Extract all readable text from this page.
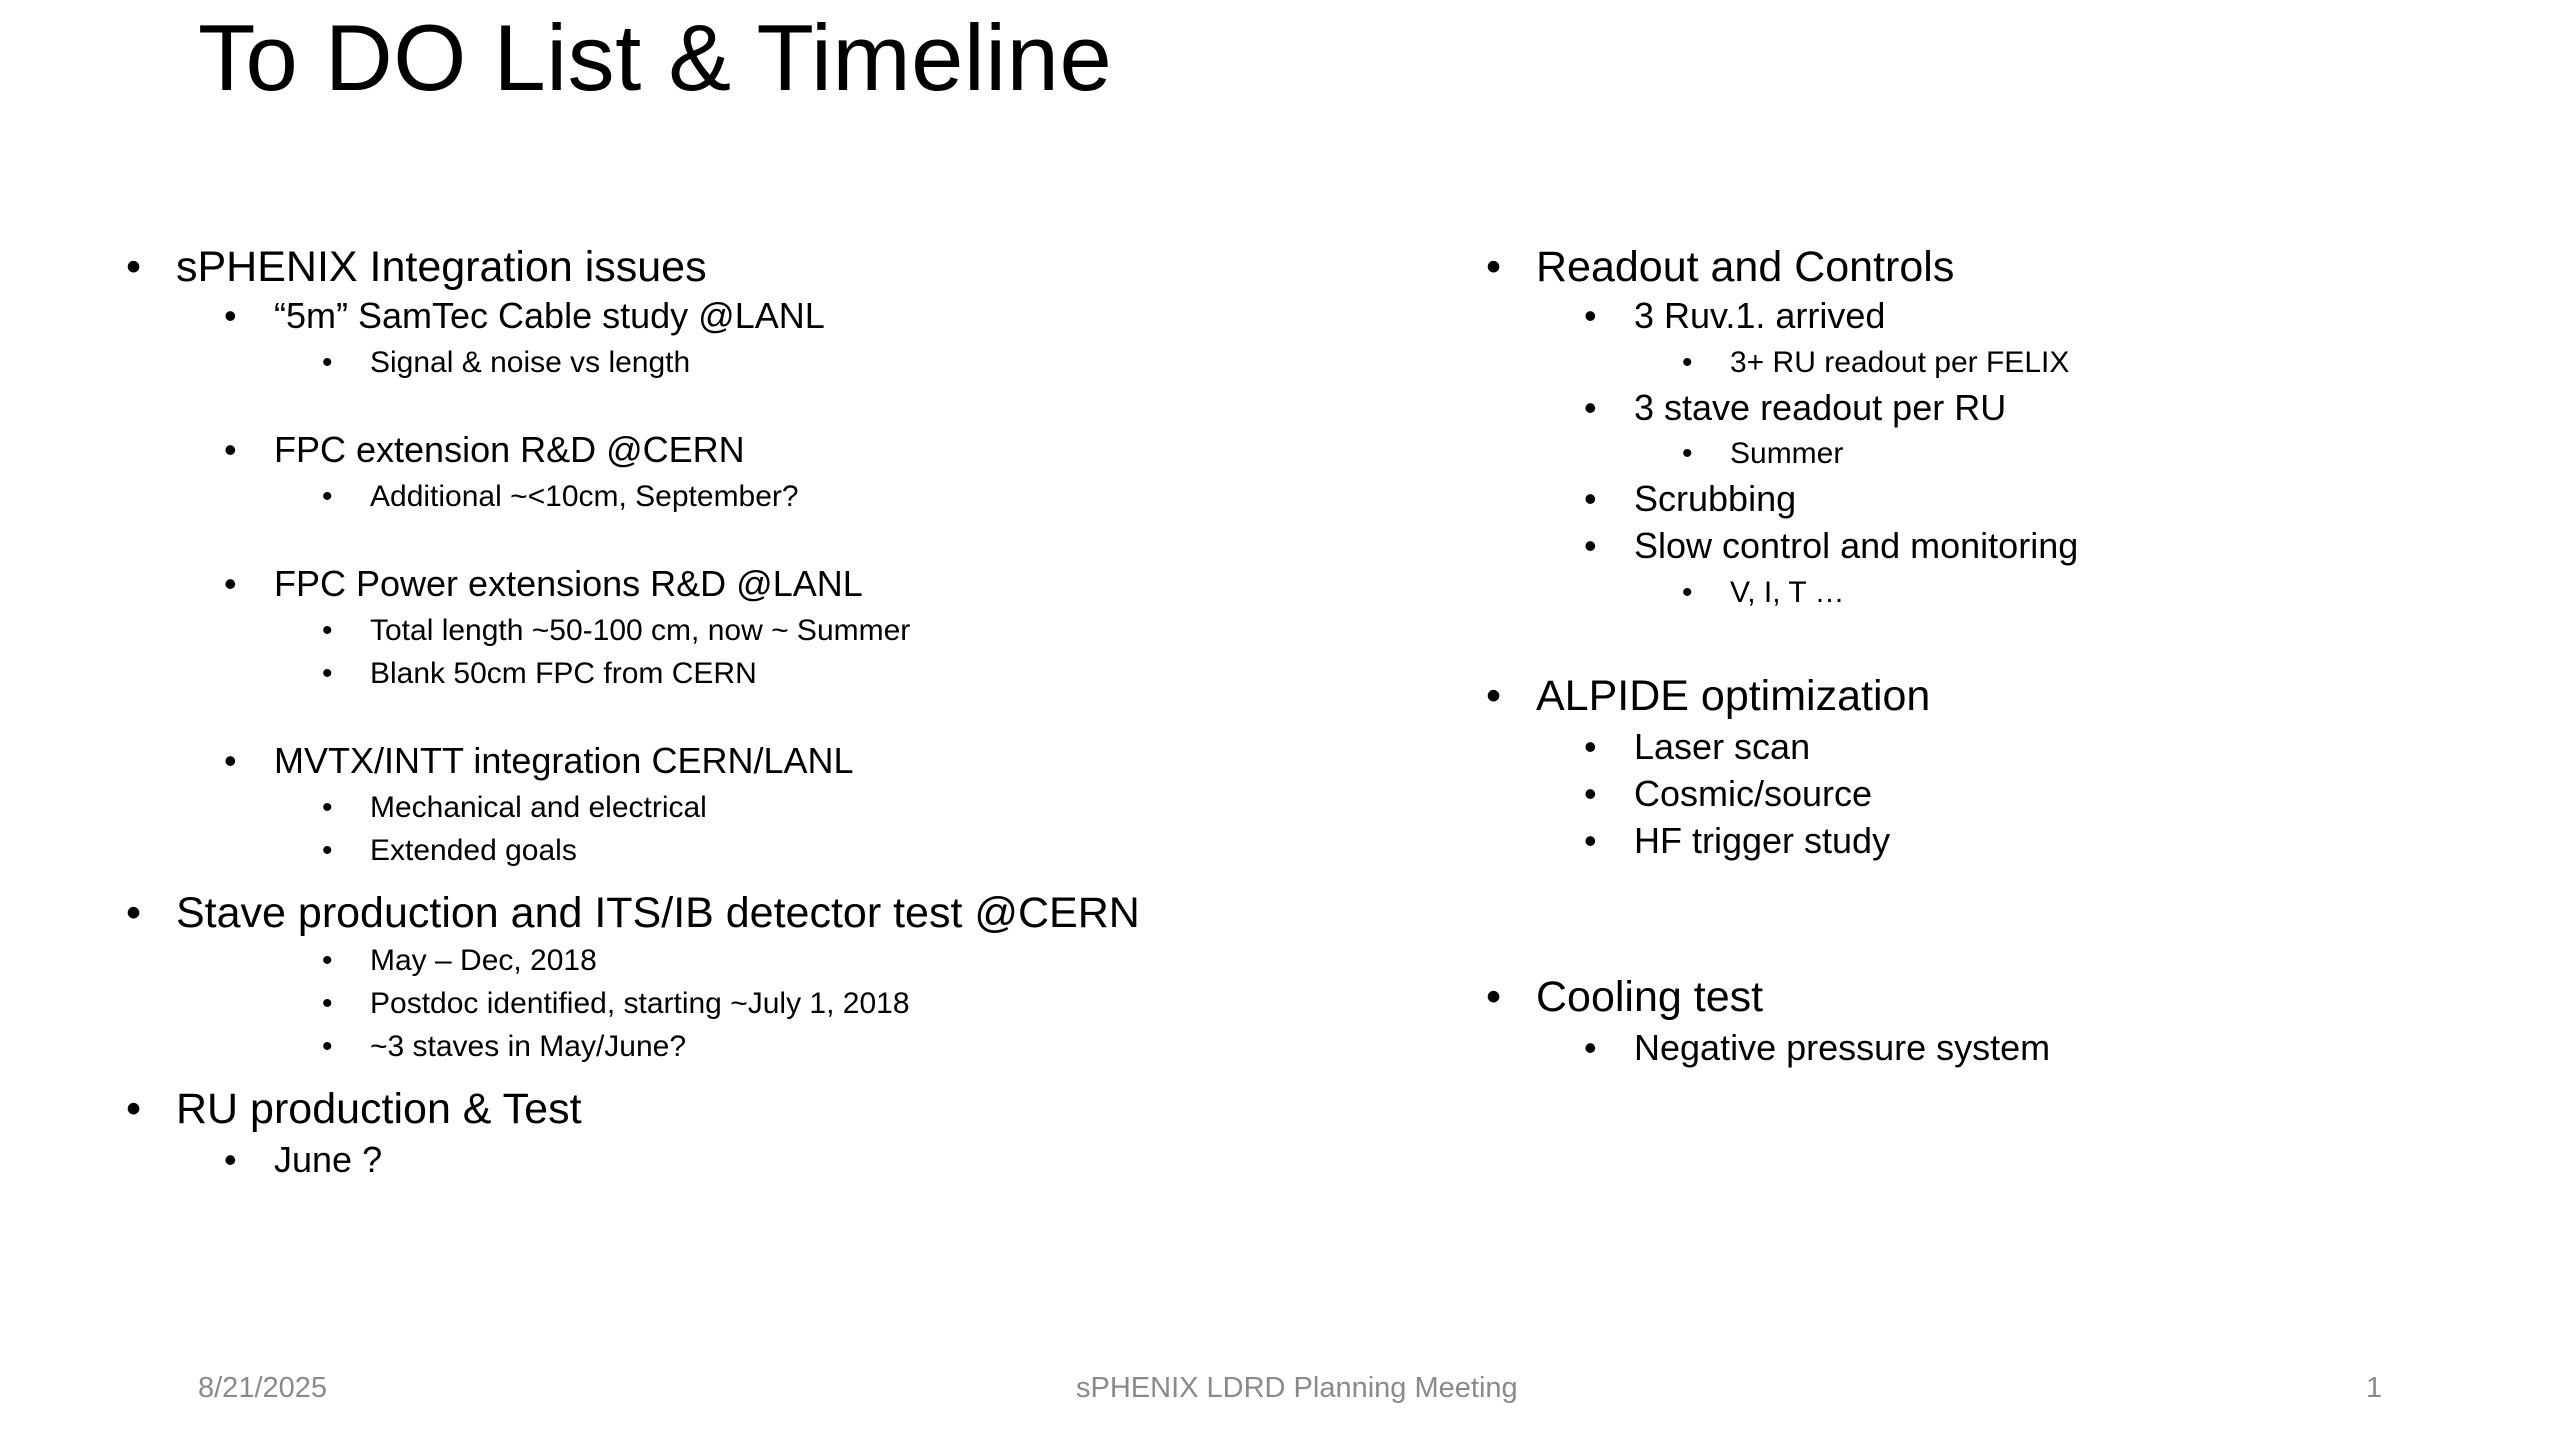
To DO List & Timeline
• sPHENIX Integration issues
• “5m” SamTec Cable study @LANL
• Signal & noise vs length
• FPC extension R&D @CERN
• Additional ~<10cm, September?
• FPC Power extensions R&D @LANL
• Total length ~50-100 cm, now ~ Summer
• Blank 50cm FPC from CERN
• MVTX/INTT integration CERN/LANL
• Mechanical and electrical
• Extended goals
• Stave production and ITS/IB detector test @CERN
• May – Dec, 2018
• Postdoc identified, starting ~July 1, 2018
• ~3 staves in May/June?
• RU production & Test
• June ?
• Readout and Controls
• 3 Ruv.1. arrived
• 3+ RU readout per FELIX
• 3 stave readout per RU
• Summer
• Scrubbing
• Slow control and monitoring
• V, I, T …
• ALPIDE optimization
• Laser scan
• Cosmic/source
• HF trigger study
• Cooling test
• Negative pressure system
8/21/2025	sPHENIX LDRD Planning Meeting	1
